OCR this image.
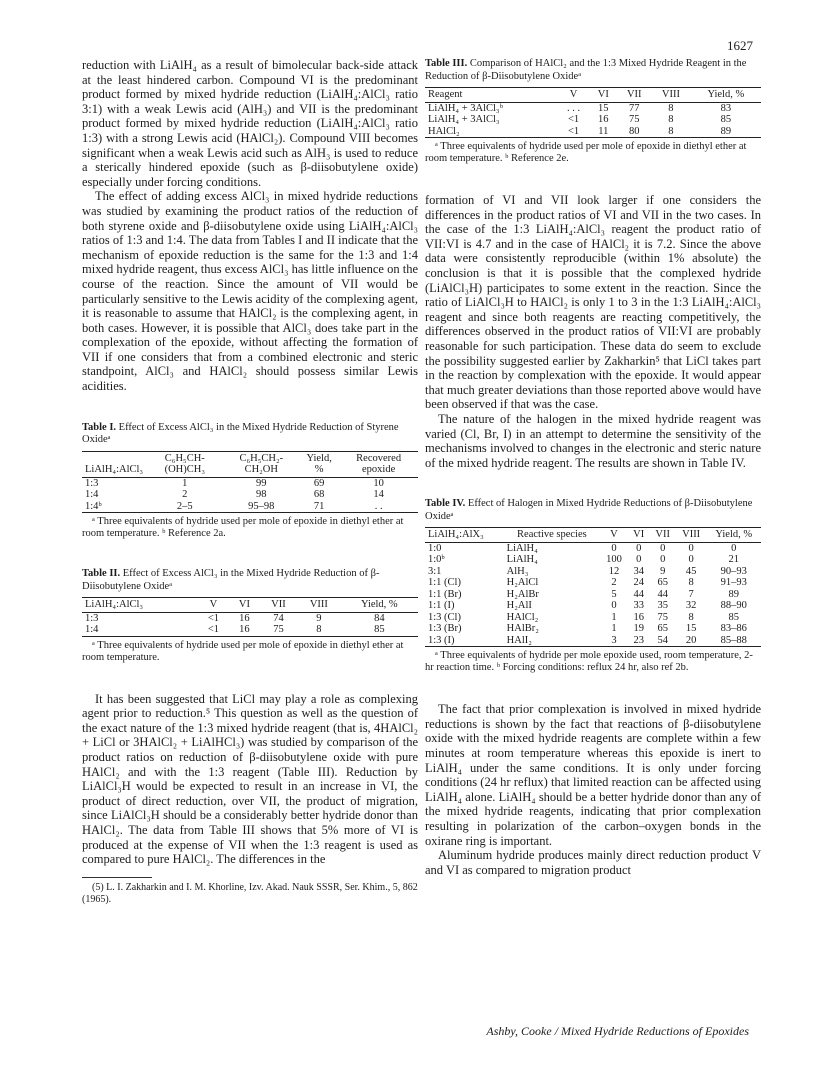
1627

reduction with LiAlH₄ as a result of bimolecular back-side attack at the least hindered carbon. Compound VI is the predominant product formed by mixed hydride reduction (LiAlH₄:AlCl₃ ratio 3:1) with a weak Lewis acid (AlH₃) and VII is the predominant product formed by mixed hydride reduction (LiAlH₄:AlCl₃ ratio 1:3) with a strong Lewis acid (HAlCl₂). Compound VIII becomes significant when a weak Lewis acid such as AlH₃ is used to reduce a sterically hindered epoxide (such as β-diisobutylene oxide) especially under forcing conditions.

The effect of adding excess AlCl₃ in mixed hydride reductions was studied by examining the product ratios of the reduction of both styrene oxide and β-diisobutylene oxide using LiAlH₄:AlCl₃ ratios of 1:3 and 1:4. The data from Tables I and II indicate that the mechanism of epoxide reduction is the same for the 1:3 and 1:4 mixed hydride reagent, thus excess AlCl₃ has little influence on the course of the reaction. Since the amount of VII would be particularly sensitive to the Lewis acidity of the complexing agent, it is reasonable to assume that HAlCl₂ is the complexing agent, in both cases. However, it is possible that AlCl₃ does take part in the complexation of the epoxide, without affecting the formation of VII if one considers that from a combined electronic and steric standpoint, AlCl₃ and HAlCl₂ should possess similar Lewis acidities.

Table I. Effect of Excess AlCl₃ in the Mixed Hydride Reduction of Styrene Oxideᵃ

LiAlH₄:AlCl₃	C₆H₅CH-(OH)CH₃	C₆H₅CH₂-CH₂OH	Yield, %	Recovered epoxide
1:3	1	99	69	10
1:4	2	98	68	14
1:4ᵇ	2–5	95–98	71	. .

ᵃ Three equivalents of hydride used per mole of epoxide in diethyl ether at room temperature. ᵇ Reference 2a.

Table II. Effect of Excess AlCl₃ in the Mixed Hydride Reduction of β-Diisobutylene Oxideᵃ

LiAlH₄:AlCl₃	V	VI	VII	VIII	Yield, %
1:3	<1	16	74	9	84
1:4	<1	16	75	8	85

ᵃ Three equivalents of hydride used per mole of epoxide in diethyl ether at room temperature.

It has been suggested that LiCl may play a role as complexing agent prior to reduction.⁵ This question as well as the question of the exact nature of the 1:3 mixed hydride reagent (that is, 4HAlCl₂ + LiCl or 3HAlCl₂ + LiAlHCl₃) was studied by comparison of the product ratios on reduction of β-diisobutylene oxide with pure HAlCl₂ and with the 1:3 reagent (Table III). Reduction by LiAlCl₃H would be expected to result in an increase in VI, the product of direct reduction, over VII, the product of migration, since LiAlCl₃H should be a considerably better hydride donor than HAlCl₂. The data from Table III shows that 5% more of VI is produced at the expense of VII when the 1:3 reagent is used as compared to pure HAlCl₂. The differences in the

(5) L. I. Zakharkin and I. M. Khorline, Izv. Akad. Nauk SSSR, Ser. Khim., 5, 862 (1965).

Table III. Comparison of HAlCl₂ and the 1:3 Mixed Hydride Reagent in the Reduction of β-Diisobutylene Oxideᵃ

Reagent	V	VI	VII	VIII	Yield, %
LiAlH₄ + 3AlCl₃ᵇ	. . .	15	77	8	83
LiAlH₄ + 3AlCl₃	<1	16	75	8	85
HAlCl₂	<1	11	80	8	89

ᵃ Three equivalents of hydride used per mole of epoxide in diethyl ether at room temperature. ᵇ Reference 2e.

formation of VI and VII look larger if one considers the differences in the product ratios of VI and VII in the two cases. In the case of the 1:3 LiAlH₄:AlCl₃ reagent the product ratio of VII:VI is 4.7 and in the case of HAlCl₂ it is 7.2. Since the above data were consistently reproducible (within 1% absolute) the conclusion is that it is possible that the complexed hydride (LiAlCl₃H) participates to some extent in the reaction. Since the ratio of LiAlCl₃H to HAlCl₂ is only 1 to 3 in the 1:3 LiAlH₄:AlCl₃ reagent and since both reagents are reacting competitively, the differences observed in the product ratios of VII:VI are probably reasonable for such participation. These data do seem to exclude the possibility suggested earlier by Zakharkin⁵ that LiCl takes part in the reaction by complexation with the epoxide. It would appear that much greater deviations than those reported above would have been observed if that was the case.

The nature of the halogen in the mixed hydride reagent was varied (Cl, Br, I) in an attempt to determine the sensitivity of the mechanisms involved to changes in the electronic and steric nature of the mixed hydride reagent. The results are shown in Table IV.

Table IV. Effect of Halogen in Mixed Hydride Reductions of β-Diisobutylene Oxideᵃ

LiAlH₄:AlX₃	Reactive species	V	VI	VII	VIII	Yield, %
1:0	LiAlH₄	0	0	0	0	0
1:0ᵇ	LiAlH₄	100	0	0	0	21
3:1	AlH₃	12	34	9	45	90–93
1:1 (Cl)	H₂AlCl	2	24	65	8	91–93
1:1 (Br)	H₂AlBr	5	44	44	7	89
1:1 (I)	H₂AlI	0	33	35	32	88–90
1:3 (Cl)	HAlCl₂	1	16	75	8	85
1:3 (Br)	HAlBr₂	1	19	65	15	83–86
1:3 (I)	HAlI₂	3	23	54	20	85–88

ᵃ Three equivalents of hydride per mole epoxide used, room temperature, 2-hr reaction time. ᵇ Forcing conditions: reflux 24 hr, also ref 2b.

The fact that prior complexation is involved in mixed hydride reductions is shown by the fact that reactions of β-diisobutylene oxide with the mixed hydride reagents are complete within a few minutes at room temperature whereas this epoxide is inert to LiAlH₄ under the same conditions. It is only under forcing conditions (24 hr reflux) that limited reaction can be affected using LiAlH₄ alone. LiAlH₄ should be a better hydride donor than any of the mixed hydride reagents, indicating that prior complexation resulting in polarization of the carbon–oxygen bonds in the oxirane ring is important.

Aluminum hydride produces mainly direct reduction product V and VI as compared to migration product

Ashby, Cooke / Mixed Hydride Reductions of Epoxides
